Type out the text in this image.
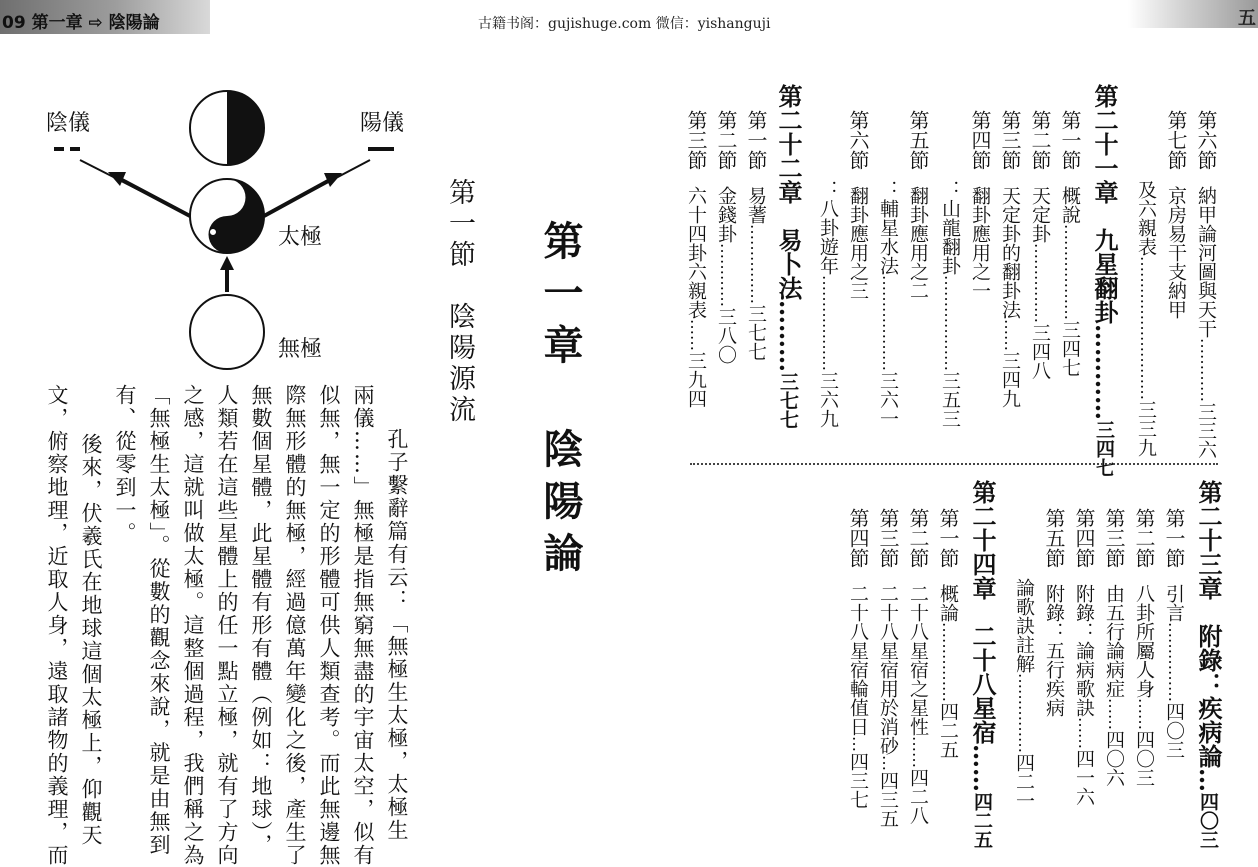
09 第一章 ⇨ 陰陽論	古籍书阁：gujishuge.com 微信：yishanguji	五
第六節　納甲論河圖與天干…………三三六
第七節　京房易干支納甲
及六親表………………………三三九
第二十一章　九星翻卦…………三四七
第一節　概說………………三四七
第二節　天定卦……………三四八
第三節　天定卦的翻卦法……三四九
第四節　翻卦應用之一
：山龍翻卦………………三五三
第五節　翻卦應用之二
：輔星水法………………三六一
第六節　翻卦應用之三
：八卦遊年………………三六九
第二十二章　易卜法………三七七
第一節　易蓍……………三七七
第二節　金錢卦…………三八〇
第三節　六十四卦六親表……三九四
第二十三章　附錄：疾病論…四〇三
第一節　引言……………四〇三
第二節　八卦所屬人身……四〇三
第三節　由五行論病症……四〇六
第四節　附錄：論病歌訣……四一六
第五節　附錄：五行疾病
論歌訣註解……………四二一
第二十四章　二十八星宿……四二五
第一節　概論……………四二五
第二節　二十八星宿之星性……四二八
第三節　二十八星宿用於消砂…四三五
第四節　二十八星宿輪值日…四三七
第一章　陰陽論
第一節　陰陽源流
陰儀	陽儀
太極
無極
孔子繫辭篇有云：「無極生太極，太極生
兩儀……」無極是指無窮無盡的宇宙太空，似有
似無，無一定的形體可供人類查考。而此無邊無
際無形體的無極，經過億萬年變化之後，產生了
無數個星體，此星體有形有體（例如：地球），
人類若在這些星體上的任一點立極，就有了方向
之感，這就叫做太極。這整個過程，我們稱之為
「無極生太極」。從數的觀念來說，就是由無到
有、從零到一。
　後來，伏羲氏在地球這個太極上，仰觀天
文，俯察地理，近取人身，遠取諸物的義理，而
